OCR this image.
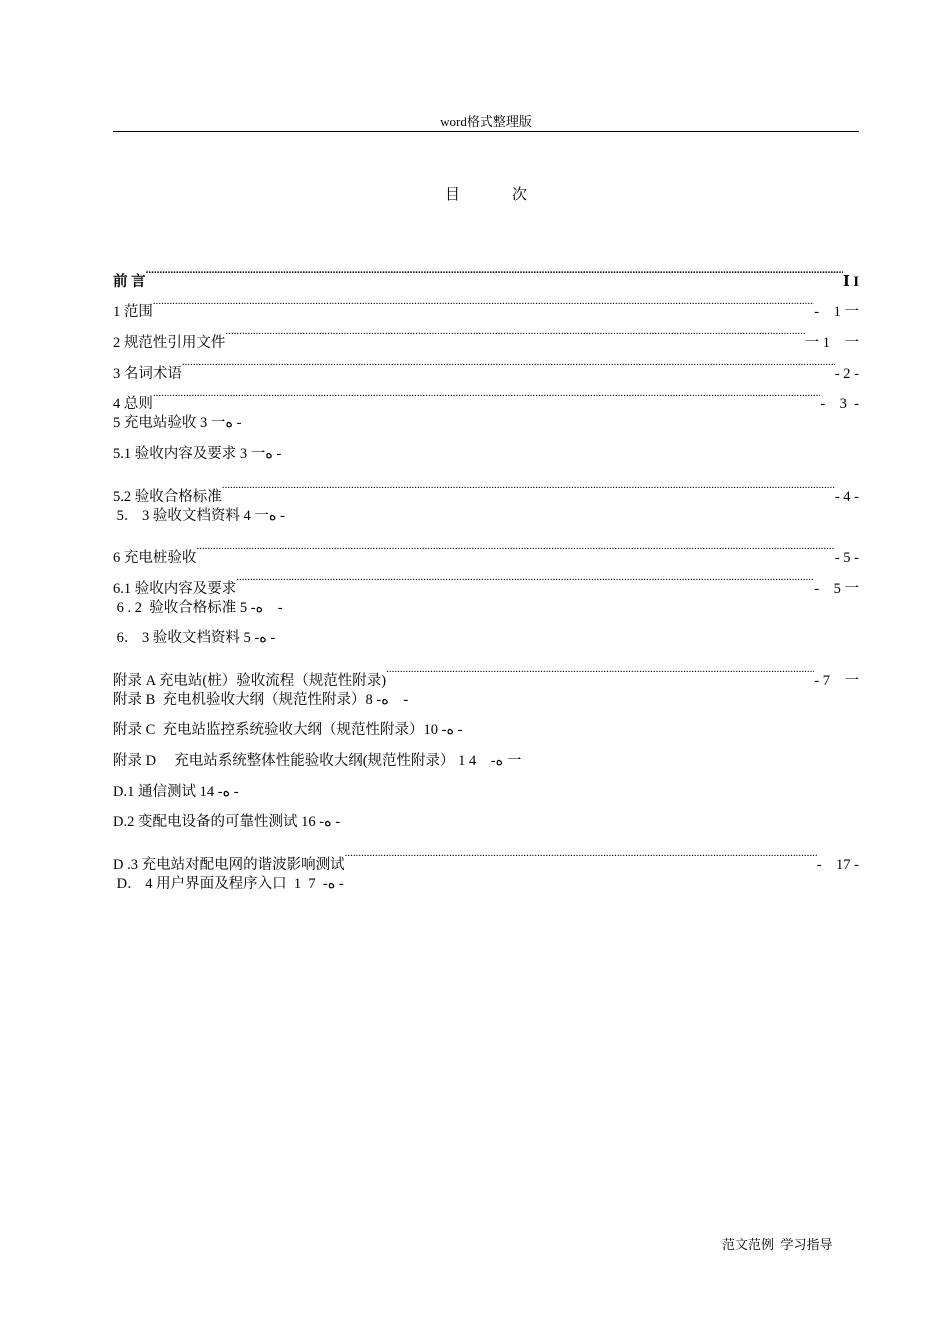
word格式整理版
目	次
前 言 .....	Ⅰ I
1 范围 .....	-    1 一
2 规范性引用文件 .....	一 1    一
3 名词术语 .....	- 2 -
4 总则 .....	-    3  -
5 充电站验收 3 一ە -
5.1 验收内容及要求 3 一ە -
5.2 验收合格标准 .....	- 4 -
5． 3 验收文档资料 4 一ە -
6 充电桩验收 .....	- 5 -
6.1 验收内容及要求 .....	-    5 一
6 . 2  验收合格标准 5 -ە    -
6． 3 验收文档资料 5 -ە -
附录 A 充电站(桩）验收流程（规范性附录) .....	- 7    一
附录 B  充电机验收大纲（规范性附录）8 -ە    -
附录 C  充电站监控系统验收大纲（规范性附录）10 -ە -
附录 D     充电站系统整体性能验收大纲(规范性附录） 1 4    -ە 一
D.1 通信测试 14 -ە -
D.2 变配电设备的可靠性测试 16 -ە -
D .3 充电站对配电网的谐波影响测试 .....	-    17 -
D． 4 用户界面及程序入口  1  7  -ە -
范文范例  学习指导
